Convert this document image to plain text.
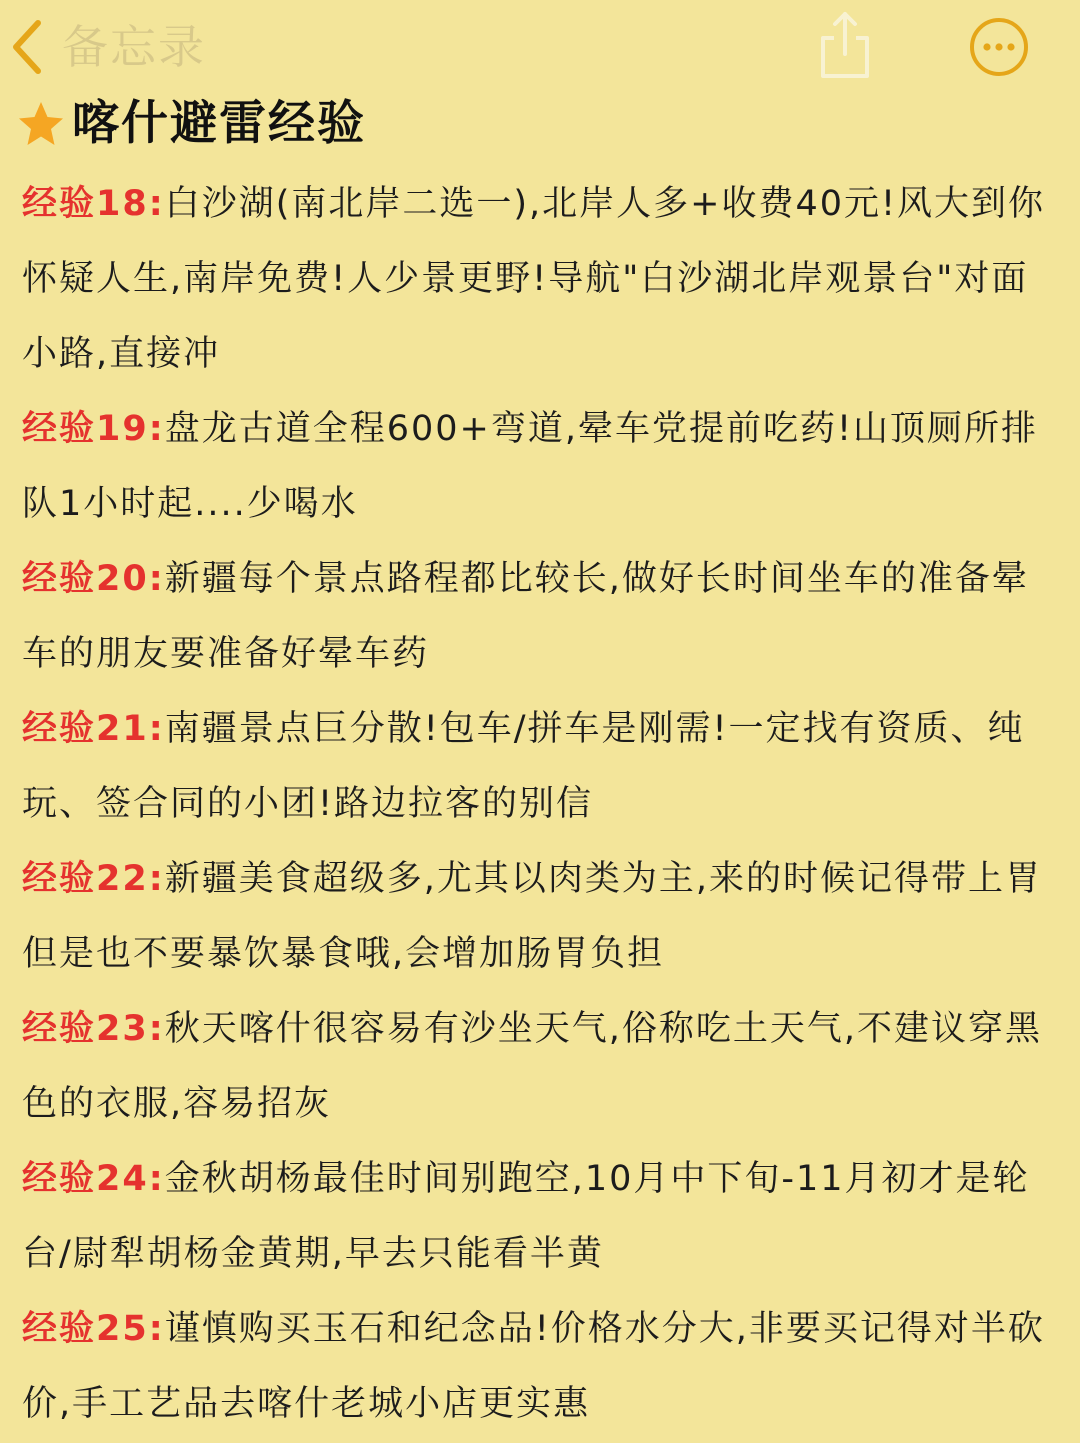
备忘录
喀什避雷经验

经验18:白沙湖(南北岸二选一),北岸人多+收费40元!风大到你怀疑人生,南岸免费!人少景更野!导航"白沙湖北岸观景台"对面小路,直接冲

经验19:盘龙古道全程600+弯道,晕车党提前吃药!山顶厕所排队1小时起....少喝水

经验20:新疆每个景点路程都比较长,做好长时间坐车的准备晕车的朋友要准备好晕车药

经验21:南疆景点巨分散!包车/拼车是刚需!一定找有资质、纯玩、签合同的小团!路边拉客的别信

经验22:新疆美食超级多,尤其以肉类为主,来的时候记得带上胃但是也不要暴饮暴食哦,会增加肠胃负担

经验23:秋天喀什很容易有沙坐天气,俗称吃土天气,不建议穿黑色的衣服,容易招灰

经验24:金秋胡杨最佳时间别跑空,10月中下旬-11月初才是轮台/尉犁胡杨金黄期,早去只能看半黄

经验25:谨慎购买玉石和纪念品!价格水分大,非要买记得对半砍价,手工艺品去喀什老城小店更实惠
